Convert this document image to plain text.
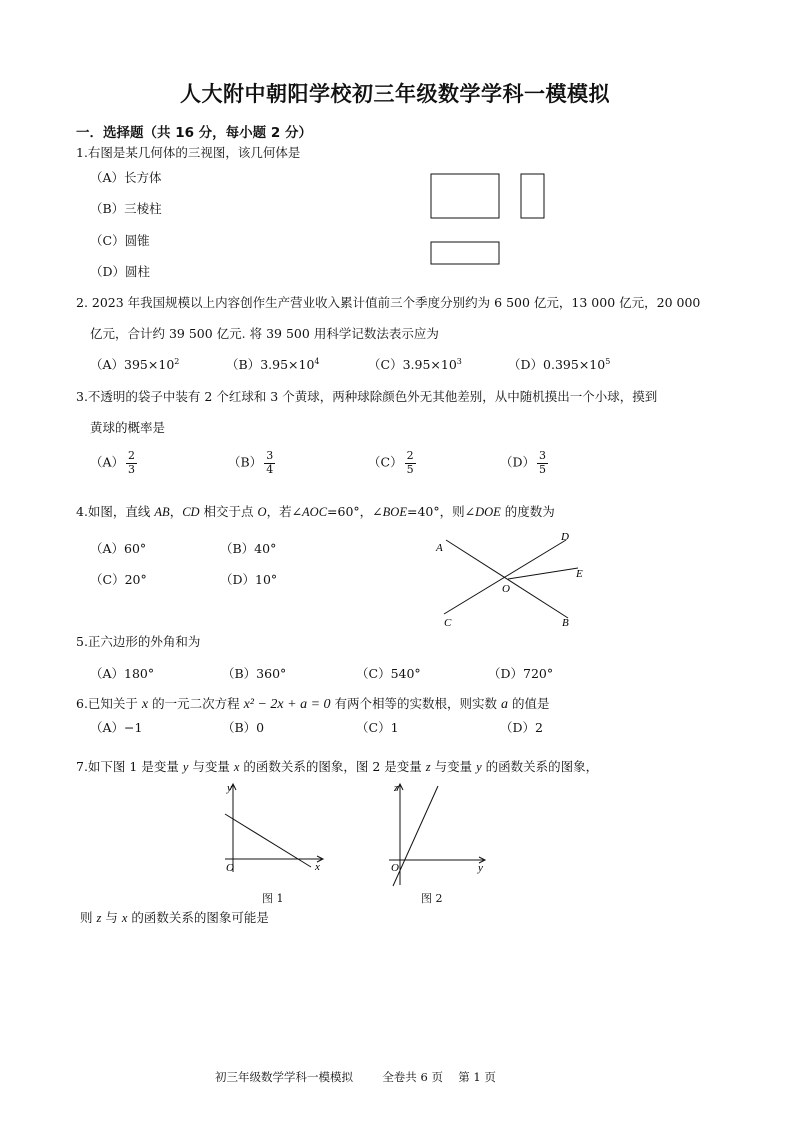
人大附中朝阳学校初三年级数学学科一模模拟
一．选择题（共 16 分，每小题 2 分）
1.右图是某几何体的三视图，该几何体是
（A）长方体
（B）三棱柱
（C）圆锥
（D）圆柱
2. 2023 年我国规模以上内容创作生产营业收入累计值前三个季度分别约为 6 500 亿元，13 000 亿元，20 000
亿元，合计约 39 500 亿元. 将 39 500 用科学记数法表示应为
$(A)395\times 10^2$	$(B)3.95\times 10^4$	$(C)3.95\times 10^3$	$(D)0.395\times 10^5$
3.不透明的袋子中装有 2 个红球和 3 个黄球，两种球除颜色外无其他差别，从中随机摸出一个小球，摸到
黄球的概率是
$(A) \frac{2}{3}$	$(B) \frac{3}{4}$	$(C) \frac{2}{5}$	$(D) \frac{3}{5}$
4.如图，直线 AB，CD 相交于点 O，若∠AOC=60°，∠BOE=40°，则∠DOE 的度数为
（A）60°	（B）40°
（C）20°	（D）10°
A
D
E
O
C	B
5.正六边形的外角和为
（A）180°	（B）360°	（C）540°	（D）720°
6.已知关于 x 的一元二次方程 x² − 2x + a = 0 有两个相等的实数根，则实数 a 的值是
（A）−1	（B）0	（C）1	（D）2
7.如下图 1 是变量 y 与变量 x 的函数关系的图象，图 2 是变量 z 与变量 y 的函数关系的图象，
y
x
O
图 1
z
y
O
图 2
则 z 与 x 的函数关系的图象可能是
初三年级数学学科一模模拟	全卷共 6 页 第 1 页
